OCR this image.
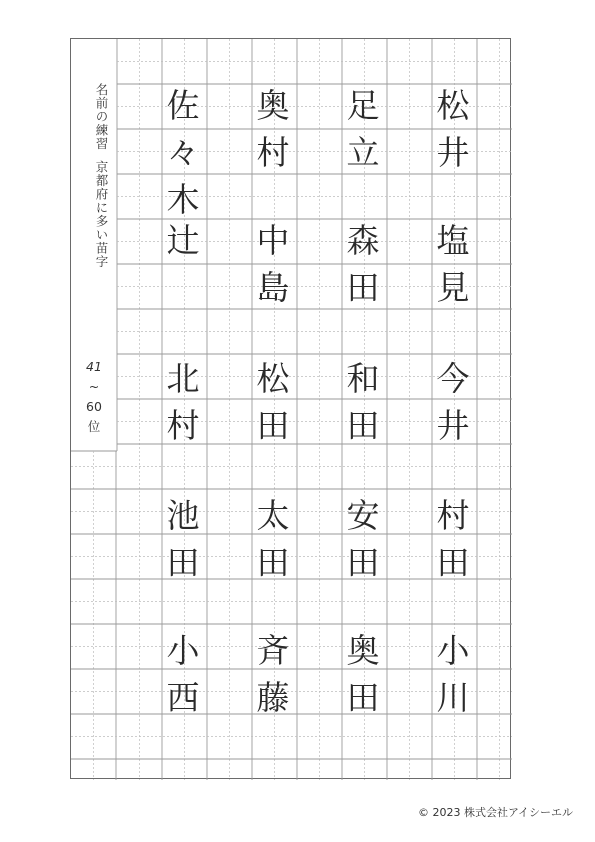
名前の練習京都府に多い苗字
41
~
60
位
松
井
足
立
奥
村
佐
々
木
塩
見
森
田
中
島
辻
今
井
和
田
松
田
北
村
村
田
安
田
太
田
池
田
小
川
奥
田
斉
藤
小
西
© 2023 株式会社アイシーエル
